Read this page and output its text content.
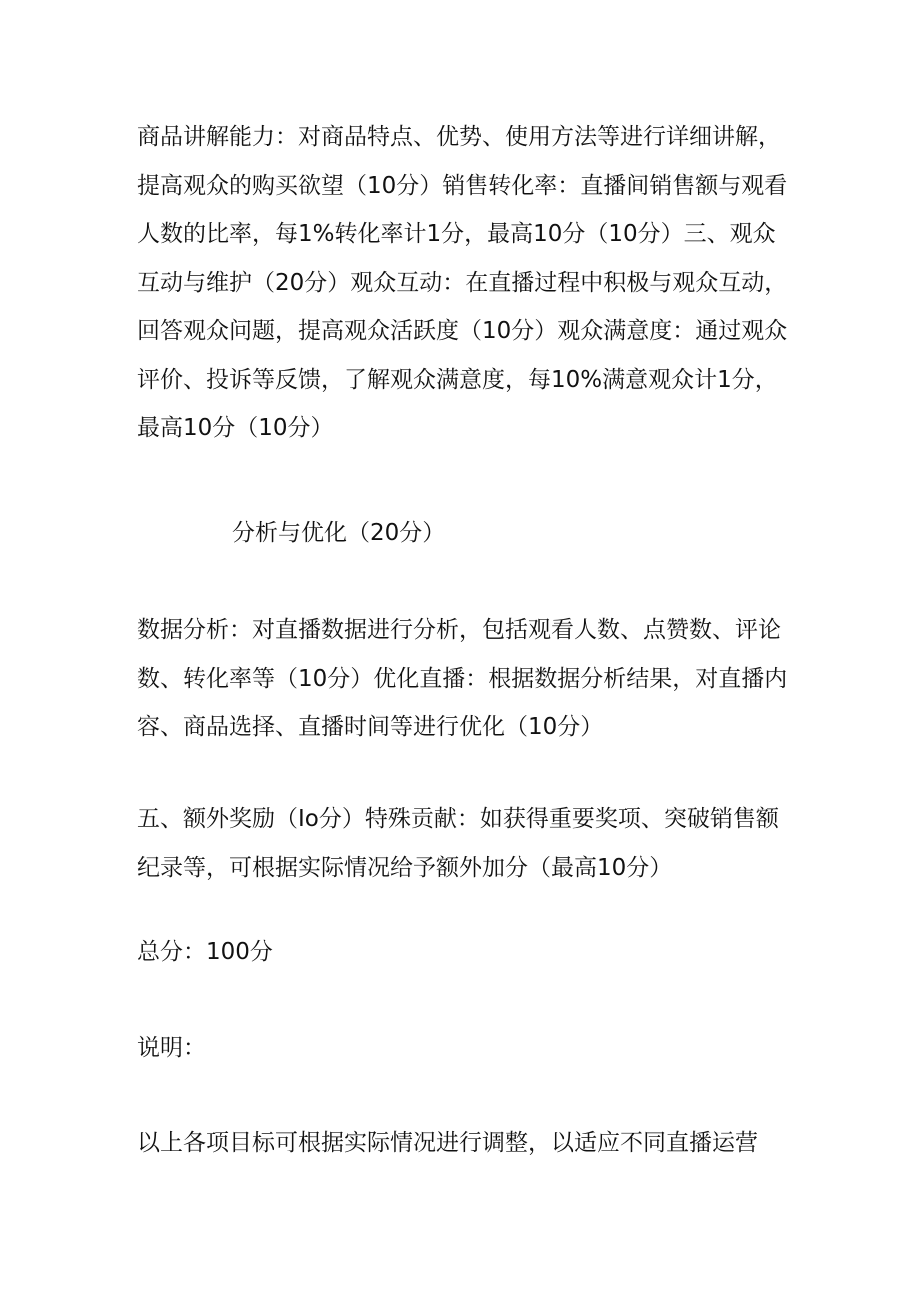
商品讲解能力：对商品特点、优势、使用方法等进行详细讲解，提高观众的购买欲望（10分）销售转化率：直播间销售额与观看人数的比率，每1%转化率计1分，最高10分（10分）三、观众互动与维护（20分）观众互动：在直播过程中积极与观众互动，回答观众问题，提高观众活跃度（10分）观众满意度：通过观众评价、投诉等反馈，了解观众满意度，每10%满意观众计1分，最高10分（10分）

分析与优化（20分）

数据分析：对直播数据进行分析，包括观看人数、点赞数、评论数、转化率等（10分）优化直播：根据数据分析结果，对直播内容、商品选择、直播时间等进行优化（10分）

五、额外奖励（Io分）特殊贡献：如获得重要奖项、突破销售额纪录等，可根据实际情况给予额外加分（最高10分）

总分：100分

说明：

以上各项目标可根据实际情况进行调整，以适应不同直播运营
